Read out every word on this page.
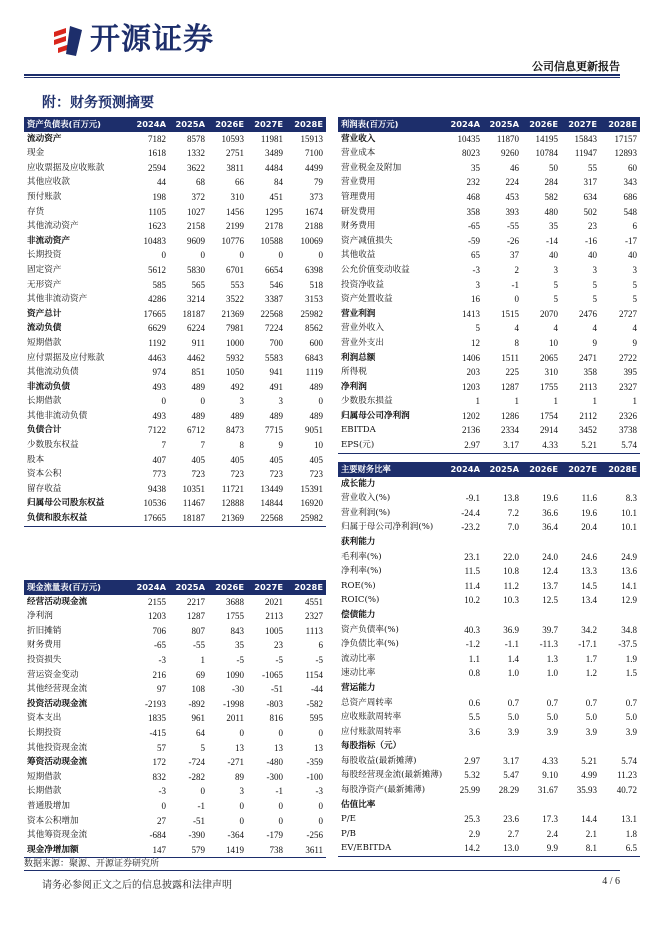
开源证券
公司信息更新报告
附：财务预测摘要
资产负债表(百万元)	2024A	2025A	2026E	2027E	2028E
流动资产	7182	8578	10593	11981	15913
现金	1618	1332	2751	3489	7100
应收票据及应收账款	2594	3622	3811	4484	4499
其他应收款	44	68	66	84	79
预付账款	198	372	310	451	373
存货	1105	1027	1456	1295	1674
其他流动资产	1623	2158	2199	2178	2188
非流动资产	10483	9609	10776	10588	10069
长期投资	0	0	0	0	0
固定资产	5612	5830	6701	6654	6398
无形资产	585	565	553	546	518
其他非流动资产	4286	3214	3522	3387	3153
资产总计	17665	18187	21369	22568	25982
流动负债	6629	6224	7981	7224	8562
短期借款	1192	911	1000	700	600
应付票据及应付账款	4463	4462	5932	5583	6843
其他流动负债	974	851	1050	941	1119
非流动负债	493	489	492	491	489
长期借款	0	0	3	3	0
其他非流动负债	493	489	489	489	489
负债合计	7122	6712	8473	7715	9051
少数股东权益	7	7	8	9	10
股本	407	405	405	405	405
资本公积	773	723	723	723	723
留存收益	9438	10351	11721	13449	15391
归属母公司股东权益	10536	11467	12888	14844	16920
负债和股东权益	17665	18187	21369	22568	25982
利润表(百万元)	2024A	2025A	2026E	2027E	2028E
营业收入	10435	11870	14195	15843	17157
营业成本	8023	9260	10784	11947	12893
营业税金及附加	35	46	50	55	60
营业费用	232	224	284	317	343
管理费用	468	453	582	634	686
研发费用	358	393	480	502	548
财务费用	-65	-55	35	23	6
资产减值损失	-59	-26	-14	-16	-17
其他收益	65	37	40	40	40
公允价值变动收益	-3	2	3	3	3
投资净收益	3	-1	5	5	5
资产处置收益	16	0	5	5	5
营业利润	1413	1515	2070	2476	2727
营业外收入	5	4	4	4	4
营业外支出	12	8	10	9	9
利润总额	1406	1511	2065	2471	2722
所得税	203	225	310	358	395
净利润	1203	1287	1755	2113	2327
少数股东损益	1	1	1	1	1
归属母公司净利润	1202	1286	1754	2112	2326
EBITDA	2136	2334	2914	3452	3738
EPS(元)	2.97	3.17	4.33	5.21	5.74
现金流量表(百万元)	2024A	2025A	2026E	2027E	2028E
经营活动现金流	2155	2217	3688	2021	4551
净利润	1203	1287	1755	2113	2327
折旧摊销	706	807	843	1005	1113
财务费用	-65	-55	35	23	6
投资损失	-3	1	-5	-5	-5
营运资金变动	216	69	1090	-1065	1154
其他经营现金流	97	108	-30	-51	-44
投资活动现金流	-2193	-892	-1998	-803	-582
资本支出	1835	961	2011	816	595
长期投资	-415	64	0	0	0
其他投资现金流	57	5	13	13	13
筹资活动现金流	172	-724	-271	-480	-359
短期借款	832	-282	89	-300	-100
长期借款	-3	0	3	-1	-3
普通股增加	0	-1	0	0	0
资本公积增加	27	-51	0	0	0
其他筹资现金流	-684	-390	-364	-179	-256
现金净增加额	147	579	1419	738	3611
主要财务比率	2024A	2025A	2026E	2027E	2028E
成长能力					
营业收入(%)	-9.1	13.8	19.6	11.6	8.3
营业利润(%)	-24.4	7.2	36.6	19.6	10.1
归属于母公司净利润(%)	-23.2	7.0	36.4	20.4	10.1
获利能力					
毛利率(%)	23.1	22.0	24.0	24.6	24.9
净利率(%)	11.5	10.8	12.4	13.3	13.6
ROE(%)	11.4	11.2	13.7	14.5	14.1
ROIC(%)	10.2	10.3	12.5	13.4	12.9
偿债能力					
资产负债率(%)	40.3	36.9	39.7	34.2	34.8
净负债比率(%)	-1.2	-1.1	-11.3	-17.1	-37.5
流动比率	1.1	1.4	1.3	1.7	1.9
速动比率	0.8	1.0	1.0	1.2	1.5
营运能力					
总资产周转率	0.6	0.7	0.7	0.7	0.7
应收账款周转率	5.5	5.0	5.0	5.0	5.0
应付账款周转率	3.6	3.9	3.9	3.9	3.9
每股指标（元）					
每股收益(最新摊薄)	2.97	3.17	4.33	5.21	5.74
每股经营现金流(最新摊薄)	5.32	5.47	9.10	4.99	11.23
每股净资产(最新摊薄)	25.99	28.29	31.67	35.93	40.72
估值比率					
P/E	25.3	23.6	17.3	14.4	13.1
P/B	2.9	2.7	2.4	2.1	1.8
EV/EBITDA	14.2	13.0	9.9	8.1	6.5
数据来源：聚源、开源证券研究所
请务必参阅正文之后的信息披露和法律声明	4 / 6
